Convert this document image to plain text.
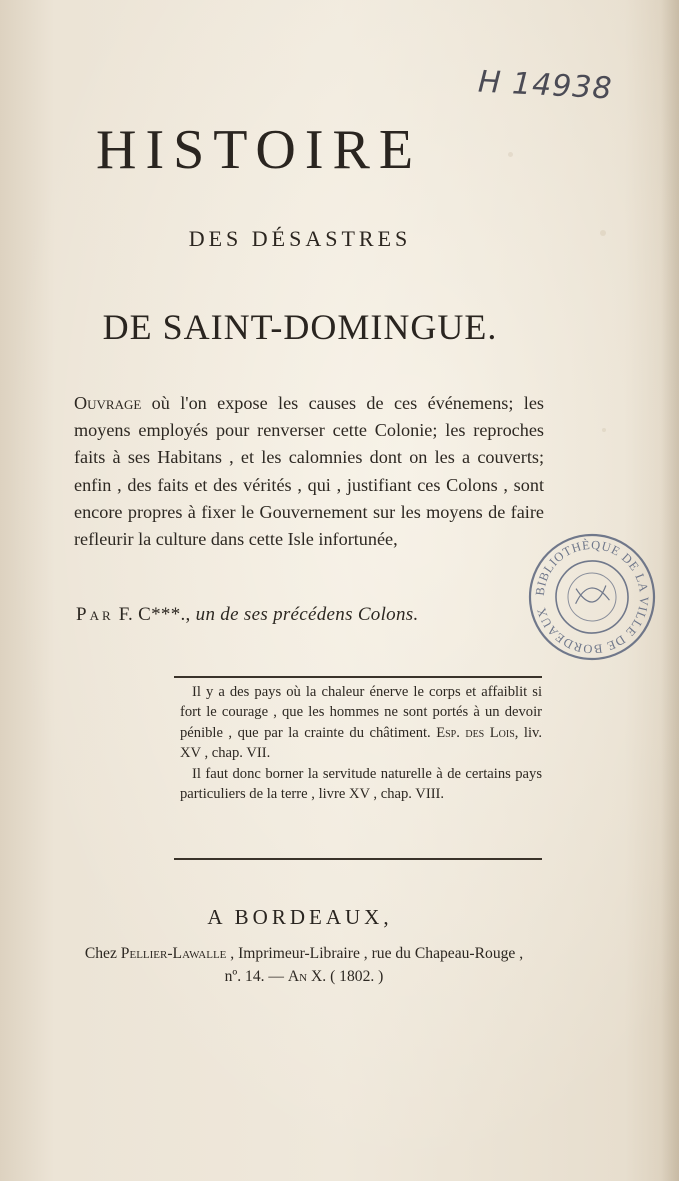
H 14938
HISTOIRE
DES DÉSASTRES
DE SAINT-DOMINGUE.
Ouvrage où l'on expose les causes de ces événemens; les moyens employés pour renverser cette Colonie; les reproches faits à ses Habitans , et les calomnies dont on les a couverts; enfin , des faits et des vérités , qui , justifiant ces Colons , sont encore propres à fixer le Gouvernement sur les moyens de faire refleurir la culture dans cette Isle infortunée,
Par F. C***., un de ses précédens Colons.

Il y a des pays où la chaleur énerve le corps et affaiblit si fort le courage , que les hommes ne sont portés à un devoir pénible , que par la crainte du châtiment. Esp. des Lois, liv. XV , chap. VII.

Il faut donc borner la servitude naturelle à de certains pays particuliers de la terre , livre XV , chap. VIII.

A BORDEAUX,
Chez Pellier-Lawalle , Imprimeur-Libraire , rue du Chapeau-Rouge , nº. 14. — An X. ( 1802. )
BIBLIOTHÈQUE DE LA VILLE DE BORDEAUX
